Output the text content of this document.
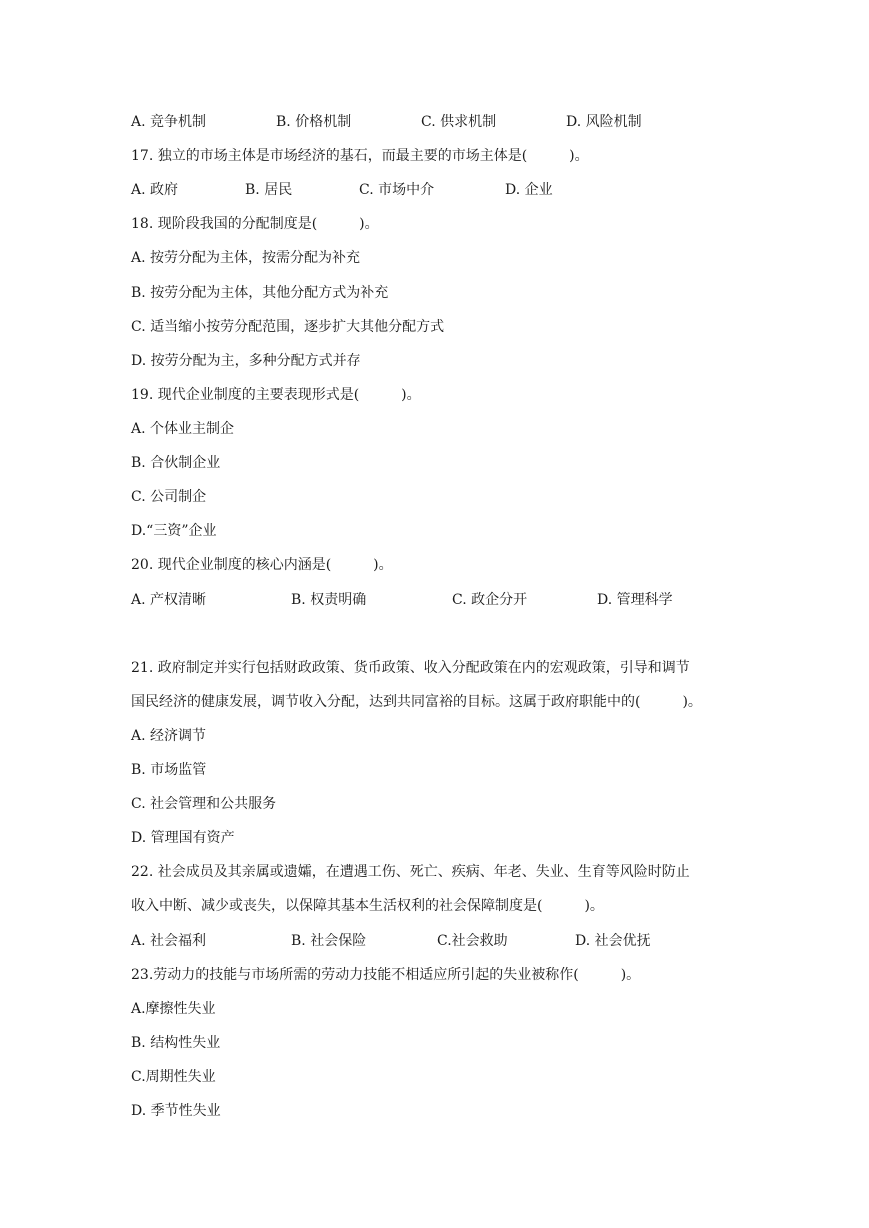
A. 竞争机制	B. 价格机制	C. 供求机制	D. 风险机制
17. 独立的市场主体是市场经济的基石，而最主要的市场主体是(　　　)。
A. 政府	B. 居民	C. 市场中介	D. 企业
18. 现阶段我国的分配制度是(　　　)。
A. 按劳分配为主体，按需分配为补充
B. 按劳分配为主体，其他分配方式为补充
C. 适当缩小按劳分配范围，逐步扩大其他分配方式
D. 按劳分配为主，多种分配方式并存
19. 现代企业制度的主要表现形式是(　　　)。
A. 个体业主制企
B. 合伙制企业
C. 公司制企
D.“三资”企业
20. 现代企业制度的核心内涵是(　　　)。
A. 产权清晰	B. 权责明确	C. 政企分开	D. 管理科学
21. 政府制定并实行包括财政政策、货币政策、收入分配政策在内的宏观政策，引导和调节
国民经济的健康发展，调节收入分配，达到共同富裕的目标。这属于政府职能中的(　　　)。
A. 经济调节
B. 市场监管
C. 社会管理和公共服务
D. 管理国有资产
22. 社会成员及其亲属或遗孀，在遭遇工伤、死亡、疾病、年老、失业、生育等风险时防止
收入中断、减少或丧失，以保障其基本生活权利的社会保障制度是(　　　)。
A. 社会福利	B. 社会保险	C.社会救助	D. 社会优抚
23.劳动力的技能与市场所需的劳动力技能不相适应所引起的失业被称作(　　　)。
A.摩擦性失业
B. 结构性失业
C.周期性失业
D. 季节性失业
